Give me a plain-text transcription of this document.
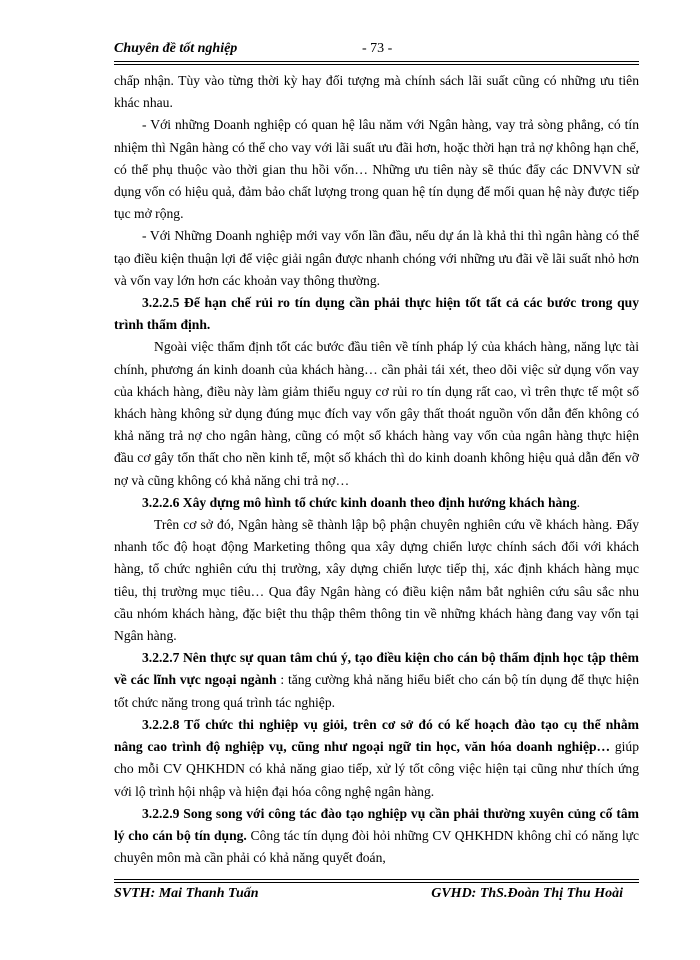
Chuyên đề tốt nghiệp	- 73 -

chấp nhận. Tùy vào từng thời kỳ hay đối tượng mà chính sách lãi suất cũng có những ưu tiên khác nhau.

- Với những Doanh nghiệp có quan hệ lâu năm với Ngân hàng, vay trả sòng phẳng, có tín nhiệm thì Ngân hàng có thể cho vay với lãi suất ưu đãi hơn, hoặc thời hạn trả nợ không hạn chế, có thể phụ thuộc vào thời gian thu hồi vốn… Những ưu tiên này sẽ thúc đẩy các DNVVN sử dụng vốn có hiệu quả, đảm bảo chất lượng trong quan hệ tín dụng để mối quan hệ này được tiếp tục mở rộng.

- Với Những Doanh nghiệp mới vay vốn lần đầu, nếu dự án là khả thi thì ngân hàng có thể tạo điều kiện thuận lợi để việc giải ngân được nhanh chóng với những ưu đãi về lãi suất nhỏ hơn và vốn vay lớn hơn các khoản vay thông thường.

3.2.2.5 Để hạn chế rủi ro tín dụng cần phải thực hiện tốt tất cả các bước trong quy trình thẩm định.

Ngoài việc thẩm định tốt các bước đầu tiên về tính pháp lý của khách hàng, năng lực tài chính, phương án kinh doanh của khách hàng… cần phải tái xét, theo dõi việc sử dụng vốn vay của khách hàng, điều này làm giảm thiểu nguy cơ rủi ro tín dụng rất cao, vì trên thực tế một số khách hàng không sử dụng đúng mục đích vay vốn gây thất thoát nguồn vốn dẫn đến không có khả năng trả nợ cho ngân hàng, cũng có một số khách hàng vay vốn của ngân hàng thực hiện đầu cơ gây tổn thất cho nền kinh tế, một số khách thì do kinh doanh không hiệu quả dẫn đến vỡ nợ và cũng không có khả năng chi trả nợ…

3.2.2.6 Xây dựng mô hình tổ chức kinh doanh theo định hướng khách hàng.

Trên cơ sở đó, Ngân hàng sẽ thành lập bộ phận chuyên nghiên cứu về khách hàng. Đẩy nhanh tốc độ hoạt động Marketing thông qua xây dựng chiến lược chính sách đối với khách hàng, tổ chức nghiên cứu thị trường, xây dựng chiến lược tiếp thị, xác định khách hàng mục tiêu, thị trường mục tiêu… Qua đây Ngân hàng có điều kiện nắm bắt nghiên cứu sâu sắc nhu cầu nhóm khách hàng, đặc biệt thu thập thêm thông tin về những khách hàng đang vay vốn tại Ngân hàng.

3.2.2.7 Nên thực sự quan tâm chú ý, tạo điều kiện cho cán bộ thẩm định học tập thêm về các lĩnh vực ngoại ngành : tăng cường khả năng hiểu biết cho cán bộ tín dụng để thực hiện tốt chức năng trong quá trình tác nghiệp.

3.2.2.8 Tổ chức thi nghiệp vụ giỏi, trên cơ sở đó có kế hoạch đào tạo cụ thể nhằm nâng cao trình độ nghiệp vụ, cũng như ngoại ngữ tin học, văn hóa doanh nghiệp… giúp cho mỗi CV QHKHDN có khả năng giao tiếp, xử lý tốt công việc hiện tại cũng như thích ứng với lộ trình hội nhập và hiện đại hóa công nghệ ngân hàng.

3.2.2.9 Song song với công tác đào tạo nghiệp vụ cần phải thường xuyên củng cố tâm lý cho cán bộ tín dụng. Công tác tín dụng đòi hỏi những CV QHKHDN không chỉ có năng lực chuyên môn mà cần phải có khả năng quyết đoán,

SVTH: Mai Thanh Tuấn	GVHD: ThS.Đoàn Thị Thu Hoài
